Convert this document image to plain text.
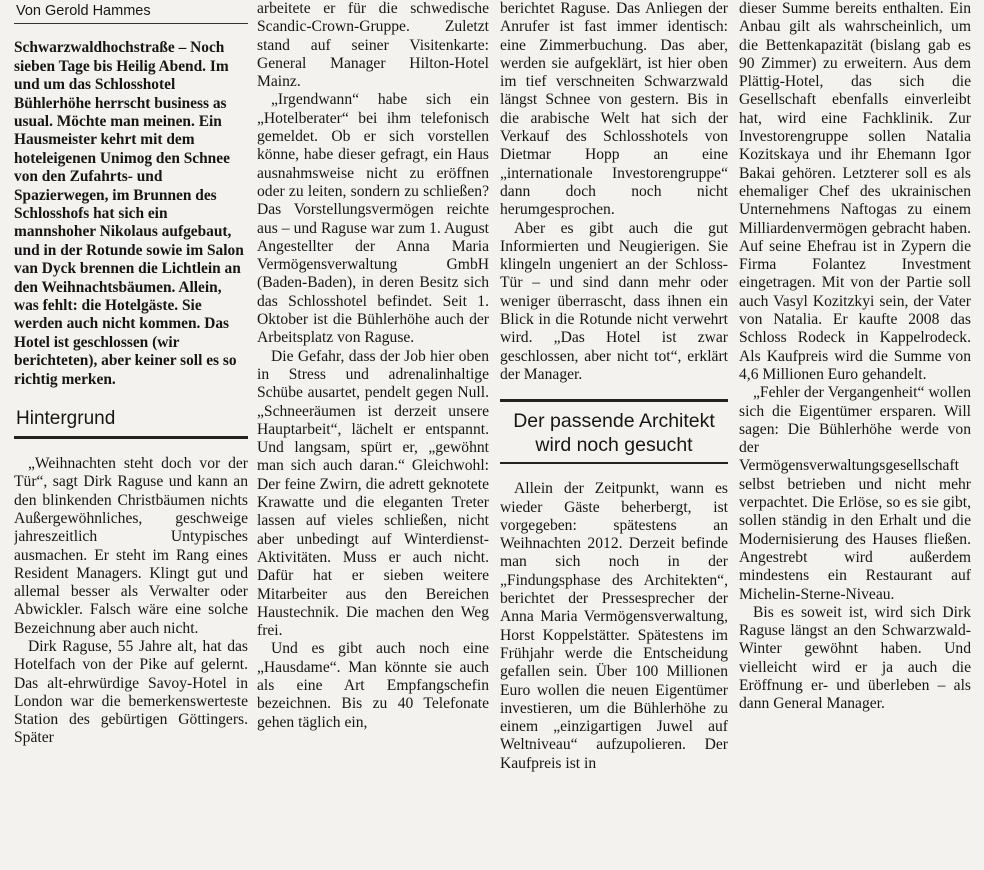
Von Gerold Hammes

Schwarzwaldhochstraße – Noch sieben Tage bis Heilig Abend. Im und um das Schlosshotel Bühlerhöhe herrscht business as usual. Möchte man meinen. Ein Hausmeister kehrt mit dem hoteleigenen Unimog den Schnee von den Zufahrts- und Spazierwegen, im Brunnen des Schlosshofs hat sich ein mannshoher Nikolaus aufgebaut, und in der Rotunde sowie im Salon van Dyck brennen die Lichtlein an den Weihnachtsbäumen. Allein, was fehlt: die Hotelgäste. Sie werden auch nicht kommen. Das Hotel ist geschlossen (wir berichteten), aber keiner soll es so richtig merken.

Hintergrund

„Weihnachten steht doch vor der Tür“, sagt Dirk Raguse und kann an den blinkenden Christbäumen nichts Außergewöhnliches, geschweige jahreszeitlich Untypisches ausmachen. Er steht im Rang eines Resident Managers. Klingt gut und allemal besser als Verwalter oder Abwickler. Falsch wäre eine solche Bezeichnung aber auch nicht.

Dirk Raguse, 55 Jahre alt, hat das Hotelfach von der Pike auf gelernt. Das alt-ehrwürdige Savoy-Hotel in London war die bemerkenswerteste Station des gebürtigen Göttingers. Später

arbeitete er für die schwedische Scandic-Crown-Gruppe. Zuletzt stand auf seiner Visitenkarte: General Manager Hilton-Hotel Mainz.

„Irgendwann“ habe sich ein „Hotelberater“ bei ihm telefonisch gemeldet. Ob er sich vorstellen könne, habe dieser gefragt, ein Haus ausnahmsweise nicht zu eröffnen oder zu leiten, sondern zu schließen? Das Vorstellungsvermögen reichte aus – und Raguse war zum 1. August Angestellter der Anna Maria Vermögensverwaltung GmbH (Baden-Baden), in deren Besitz sich das Schlosshotel befindet. Seit 1. Oktober ist die Bühlerhöhe auch der Arbeitsplatz von Raguse.

Die Gefahr, dass der Job hier oben in Stress und adrenalinhaltige Schübe ausartet, pendelt gegen Null. „Schneeräumen ist derzeit unsere Hauptarbeit“, lächelt er entspannt. Und langsam, spürt er, „gewöhnt man sich auch daran.“ Gleichwohl: Der feine Zwirn, die adrett geknotete Krawatte und die eleganten Treter lassen auf vieles schließen, nicht aber unbedingt auf Winterdienst-Aktivitäten. Muss er auch nicht. Dafür hat er sieben weitere Mitarbeiter aus den Bereichen Haustechnik. Die machen den Weg frei.

Und es gibt auch noch eine „Hausdame“. Man könnte sie auch als eine Art Empfangschefin bezeichnen. Bis zu 40 Telefonate gehen täglich ein,

berichtet Raguse. Das Anliegen der Anrufer ist fast immer identisch: eine Zimmerbuchung. Das aber, werden sie aufgeklärt, ist hier oben im tief verschneiten Schwarzwald längst Schnee von gestern. Bis in die arabische Welt hat sich der Verkauf des Schlosshotels von Dietmar Hopp an eine „internationale Investorengruppe“ dann doch noch nicht herumgesprochen.

Aber es gibt auch die gut Informierten und Neugierigen. Sie klingeln ungeniert an der Schloss-Tür – und sind dann mehr oder weniger überrascht, dass ihnen ein Blick in die Rotunde nicht verwehrt wird. „Das Hotel ist zwar geschlossen, aber nicht tot“, erklärt der Manager.

Der passende Architekt wird noch gesucht

Allein der Zeitpunkt, wann es wieder Gäste beherbergt, ist vorgegeben: spätestens an Weihnachten 2012. Derzeit befinde man sich noch in der „Findungsphase des Architekten“, berichtet der Pressesprecher der Anna Maria Vermögensverwaltung, Horst Koppelstätter. Spätestens im Frühjahr werde die Entscheidung gefallen sein. Über 100 Millionen Euro wollen die neuen Eigentümer investieren, um die Bühlerhöhe zu einem „einzigartigen Juwel auf Weltniveau“ aufzupolieren. Der Kaufpreis ist in

dieser Summe bereits enthalten. Ein Anbau gilt als wahrscheinlich, um die Bettenkapazität (bislang gab es 90 Zimmer) zu erweitern. Aus dem Plättig-Hotel, das sich die Gesellschaft ebenfalls einverleibt hat, wird eine Fachklinik. Zur Investorengruppe sollen Natalia Kozitskaya und ihr Ehemann Igor Bakai gehören. Letzterer soll es als ehemaliger Chef des ukrainischen Unternehmens Naftogas zu einem Milliardenvermögen gebracht haben. Auf seine Ehefrau ist in Zypern die Firma Folantez Investment eingetragen. Mit von der Partie soll auch Vasyl Kozitzkyi sein, der Vater von Natalia. Er kaufte 2008 das Schloss Rodeck in Kappelrodeck. Als Kaufpreis wird die Summe von 4,6 Millionen Euro gehandelt.

„Fehler der Vergangenheit“ wollen sich die Eigentümer ersparen. Will sagen: Die Bühlerhöhe werde von der Vermögensverwaltungsgesellschaft selbst betrieben und nicht mehr verpachtet. Die Erlöse, so es sie gibt, sollen ständig in den Erhalt und die Modernisierung des Hauses fließen. Angestrebt wird außerdem mindestens ein Restaurant auf Michelin-Sterne-Niveau.

Bis es soweit ist, wird sich Dirk Raguse längst an den Schwarzwald-Winter gewöhnt haben. Und vielleicht wird er ja auch die Eröffnung er- und überleben – als dann General Manager.
